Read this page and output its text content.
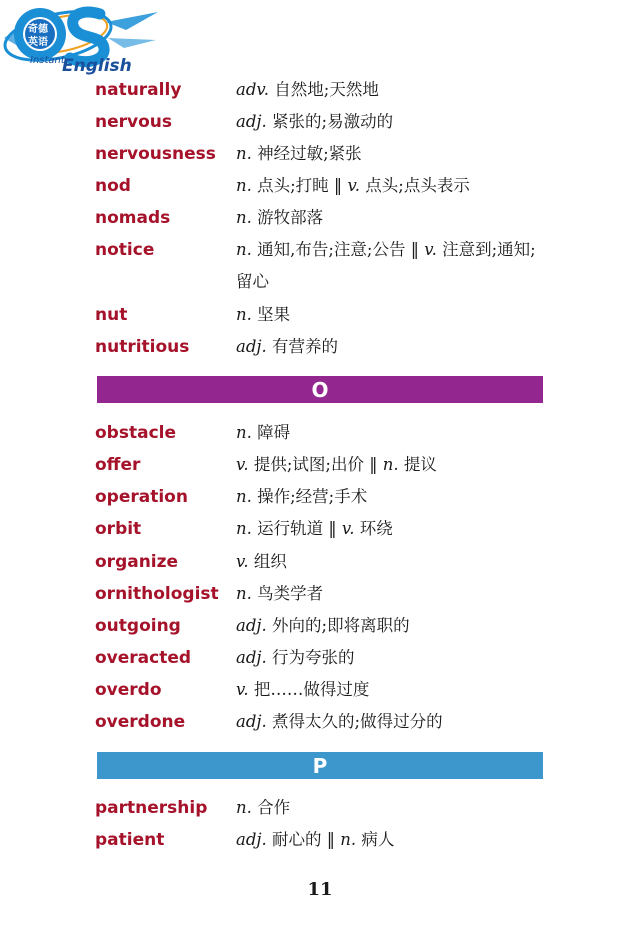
奇德
英语
Instant
English
naturally	adv. 自然地;天然地
nervous	adj. 紧张的;易激动的
nervousness n. 神经过敏;紧张
nod	n. 点头;打盹 ‖ v. 点头;点头表示
nomads	n. 游牧部落
notice	n. 通知,布告;注意;公告 ‖ v. 注意到;通知;留心
nut	n. 坚果
nutritious	adj. 有营养的
O
obstacle	n. 障碍
offer	v. 提供;试图;出价 ‖ n. 提议
operation	n. 操作;经营;手术
orbit	n. 运行轨道 ‖ v. 环绕
organize	v. 组织
ornithologist n. 鸟类学者
outgoing	adj. 外向的;即将离职的
overacted	adj. 行为夸张的
overdo	v. 把……做得过度
overdone	adj. 煮得太久的;做得过分的
P
partnership n. 合作
patient	adj. 耐心的 ‖ n. 病人
11
